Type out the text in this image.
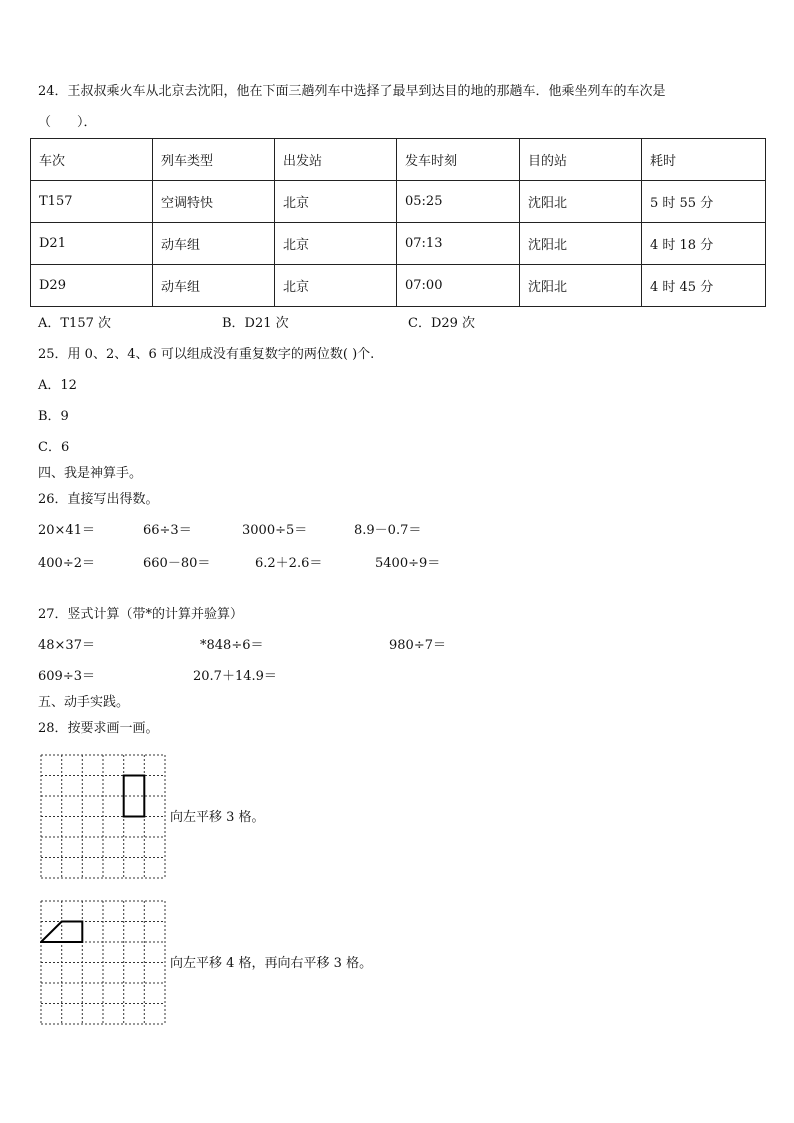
24．王叔叔乘火车从北京去沈阳，他在下面三趟列车中选择了最早到达目的地的那趟车．他乘坐列车的车次是
（　　）．
车次	列车类型	出发站	发车时刻	目的站	耗时
T157	空调特快	北京	05:25	沈阳北	5 时 55 分
D21	动车组	北京	07:13	沈阳北	4 时 18 分
D29	动车组	北京	07:00	沈阳北	4 时 45 分
A．T157 次	B．D21 次	C．D29 次
25．用 0、2、4、6 可以组成没有重复数字的两位数( )个.
A．12
B．9
C．6
四、我是神算手。
26．直接写出得数。
20×41＝	66÷3＝	3000÷5＝	8.9－0.7＝
400÷2＝	660－80＝	6.2＋2.6＝	5400÷9＝
27．竖式计算（带*的计算并验算）
48×37＝	*848÷6＝	980÷7＝
609÷3＝	20.7＋14.9＝
五、动手实践。
28．按要求画一画。
向左平移 3 格。
向左平移 4 格，再向右平移 3 格。
